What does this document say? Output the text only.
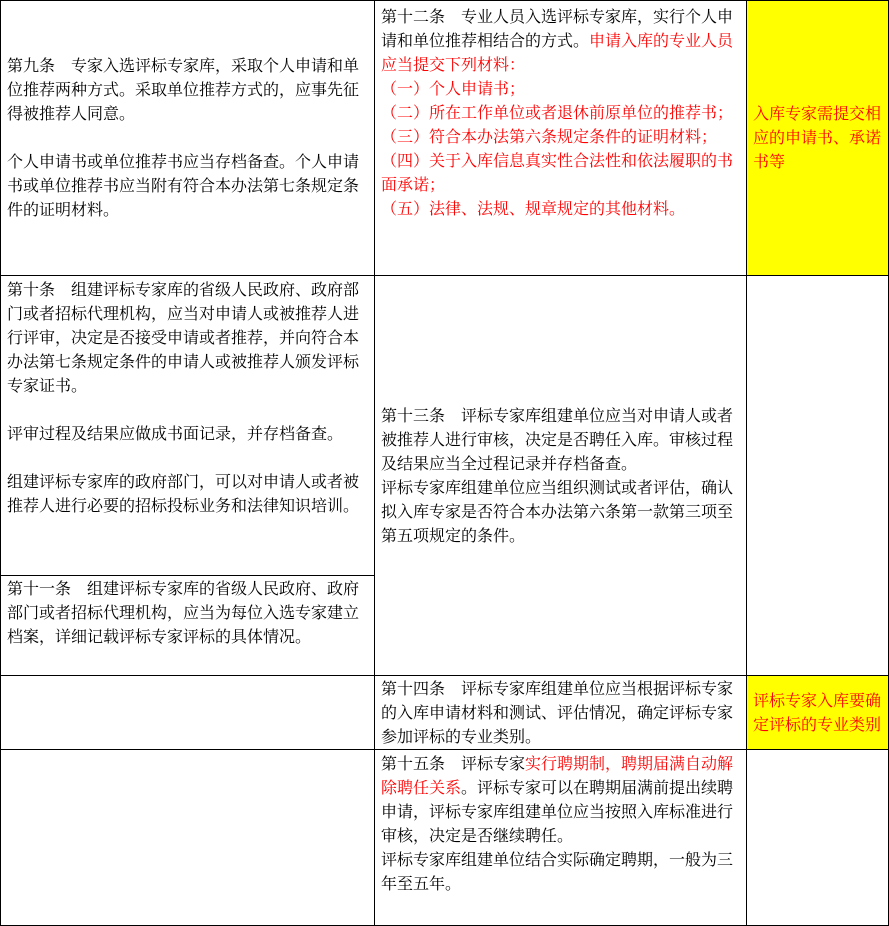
第九条　专家入选评标专家库，采取个人申请和单位推荐两种方式。采取单位推荐方式的，应事先征得被推荐人同意。

个人申请书或单位推荐书应当存档备查。个人申请书或单位推荐书应当附有符合本办法第七条规定条件的证明材料。

第十二条　专业人员入选评标专家库，实行个人申请和单位推荐相结合的方式。申请入库的专业人员应当提交下列材料：

（一）个人申请书；

（二）所在工作单位或者退休前原单位的推荐书；

（三）符合本办法第六条规定条件的证明材料；

（四）关于入库信息真实性合法性和依法履职的书面承诺；

（五）法律、法规、规章规定的其他材料。

入库专家需提交相应的申请书、承诺书等

第十条　组建评标专家库的省级人民政府、政府部门或者招标代理机构，应当对申请人或被推荐人进行评审，决定是否接受申请或者推荐，并向符合本办法第七条规定条件的申请人或被推荐人颁发评标专家证书。

评审过程及结果应做成书面记录，并存档备查。

组建评标专家库的政府部门，可以对申请人或者被推荐人进行必要的招标投标业务和法律知识培训。

第十一条　组建评标专家库的省级人民政府、政府部门或者招标代理机构，应当为每位入选专家建立档案，详细记载评标专家评标的具体情况。

第十三条　评标专家库组建单位应当对申请人或者被推荐人进行审核，决定是否聘任入库。审核过程及结果应当全过程记录并存档备查。

评标专家库组建单位应当组织测试或者评估，确认拟入库专家是否符合本办法第六条第一款第三项至第五项规定的条件。

第十四条　评标专家库组建单位应当根据评标专家的入库申请材料和测试、评估情况，确定评标专家参加评标的专业类别。

评标专家入库要确定评标的专业类别

第十五条　评标专家实行聘期制，聘期届满自动解除聘任关系。评标专家可以在聘期届满前提出续聘申请，评标专家库组建单位应当按照入库标准进行审核，决定是否继续聘任。

评标专家库组建单位结合实际确定聘期，一般为三年至五年。
